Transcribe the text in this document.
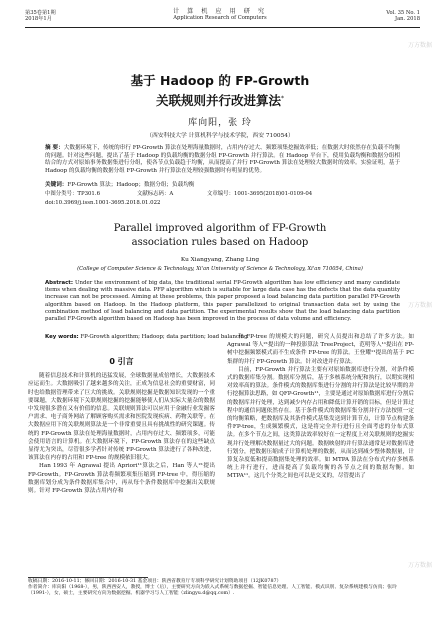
第35卷第1期
2018年1月
计 算 机 应 用 研 究
Application Research of Computers
Vol. 35 No. 1
Jan. 2018
基于 Hadoop 的 FP-Growth
关联规则并行改进算法*
库向阳，张 玲
（西安科技大学 计算机科学与技术学院，西安 710054）
摘 要：大数据环境下，传统的串行 FP-Growth 算法在处理海量数据时，占用内存过大、频繁项集挖掘效率低；在数据大时依然存在负载不均衡的问题。针对这些问题，提出了基于 Hadoop 的负载均衡的数据分组 FP-Growth 并行算法。在 Hadoop 平台下，使用负载均衡和数据分组相结合的方式对原始事务数据集进行分组，使各节点负载趋于均衡，从而提高了并行 FP-Growth 算法在处理较大数据时的效率。实验证明，基于 Hadoop 的负载均衡的数据分组 FP-Growth 并行算法在处理较强数据时有明显的优势。
关键词：FP-Growth 算法；Hadoop；数据分组；负载均衡
中图分类号：TP301.6	文献标志码：A	文章编号：1001-3695(2018)01-0109-04
doi:10.3969/j.issn.1001-3695.2018.01.022
Parallel improved algorithm of FP-Growth
association rules based on Hadoop
Ku Xiangyang, Zhang Ling
(College of Computer Science & Technology, Xi'an University of Science & Technology, Xi'an 710054, China)
Abstract: Under the environment of big data, the traditional serial FP-Growth algorithm has low efficiency and many candidate items when dealing with massive data. PFP algorithm which is suitable for large data case has the defects that the data quantity increase can not be processed. Aiming at these problems, this paper proposed a load balancing data partition parallel FP-Growth algorithm based on Hadoop. In the Hadoop platform, this paper parallelized to original transaction data set by using the combination method of load balancing and data partition. The experimental results show that the load balancing data partition parallel FP-Growth algorithm based on Hadoop has been improved in the process of data volume and efficiency.
Key words: FP-Growth algorithm; Hadoop; data partition; load balancing

0 引言

随着信息技术和计算机的迅猛发展，全球数据量成倍增长，大数据技术应运而生。大数据吸引了越来越多的关注，正成为信息社会的重要财富，同时也给数据管理带来了巨大的挑战。关联规则挖掘是数据知识发现的一个重要课题，大数据环境下关联规则挖掘的挖掘能够使人们从实际大量杂的数据中发现很多潜在又有价值的信息。关联规则算法可以应用于金融行业发掘客户需求、电子商务网站了解顾客购买需求和医院发现疾病、药物关联等。在大数据应用下的关联规则算法是一个非常重要且具有挑战性的研究课题。传统的 FP-Growth 算法在处理海量数据时，占用内存过大、频繁项多，可能会使用语言的计算机。在大数据环境下，FP-Growth 算法存在的这些缺点显得尤为突出，尽管很多学者针对传统 FP-Growth 算法进行了各种改进，该算法在内存的占用和 FP-tree 的规模依旧很大。

Han 1993 年 Agrawal 提出 Apriori¹¹算法之后，Han 等人²¹提出 FP-Growth。FP-Growth 算法将频繁项集压缩到 FP-tree 中，得压缩的数据库划分成为条件数据库集合中，再从每个条件数据库中挖掘出关联规则。针对 FP-Growth 算法占用内存和

和 FP-tree 的规模大的问题，研究人员提出和总结了许多方法。如 Agrawal 等人²¹提出的一种投影算法 TreeProject，范明等人¹¹提出在 FP-树中挖掘频繁模式而不生成条件 FP-tree 的算法。王登耀¹¹提出的基于 PC 集群的并行 FP-Growth 算法。针对改进并行算法。

目前，FP-Growth 并行算法主要有对原始数据库进行分割，对条件模式的数据库集分割。数据库分割后，基于多核系统分配和执行，以期实现相对效率高的算法。条件模式的数据库集进行分割的并行算法是比较早期的并行挖掘算法思路，如 QFP-Growth¹¹，主要是通过对原始数据库进行分割后的数据库并行处理，达到减少内存占用和降低计算开销的目标，但是计算过程中的通信问题依然存在。基于条件模式的数据库集分割并行方法按照一定的均衡策略，把数据库及其条件模式基集发送到计算节点，计算节点构建条件FP-tree，生成频繁模式，这是将完全并行进行且全面考虑的分布式算法。在多个节点之间，这类算法效率较好在一定程度上对关联规则的挖掘实现并行处理解决数据量过大的问题。数据映射的并行算法通常是对数据库进行划分，把数据压缩成子计算机处理的数据，从而达到减少整体数据量，计算复杂度低和提高数据集处理的效率。如 MTPA 算法在分布式内存多核系统上并行进行，进而提高了负载均衡的各节点之间的数据均衡。如 MTPA¹¹。这几个分类之间也可以是交叉的，尽管提出了

收稿日期：2016-10-11；修回日期：2016-10-31 基金项目：陕西省教育厅专项科学研究计划资助项目（12JK0787）
作者简介：库向阳（1968-），男，陕西西安人，教授，博士（后），主要研究方向为嵌入式系统与数据挖掘、智能信息处理、人工智能、模式识别、复杂系统建模与仿真；张玲（1991-），女，硕士，主要研究方向为数据挖掘、机器学习与人工智能（zlingyu.d@qq.com）.
万方数据
万方数据
万方数据
